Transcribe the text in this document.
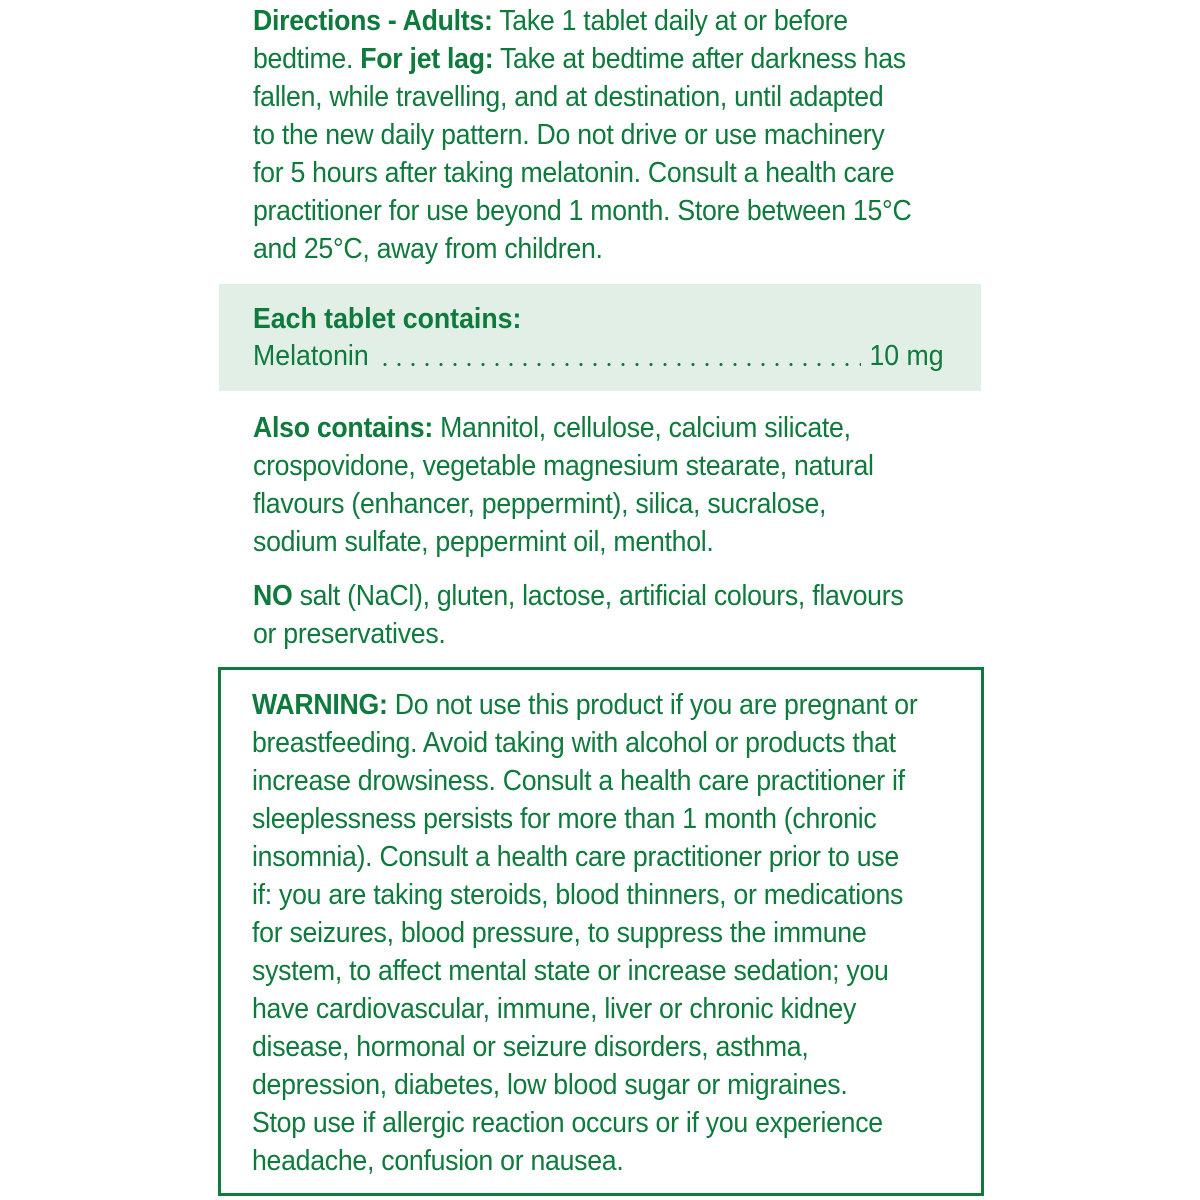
Directions - Adults: Take 1 tablet daily at or before
bedtime. For jet lag: Take at bedtime after darkness has
fallen, while travelling, and at destination, until adapted
to the new daily pattern. Do not drive or use machinery
for 5 hours after taking melatonin. Consult a health care
practitioner for use beyond 1 month. Store between 15°C
and 25°C, away from children.

Each tablet contains:
Melatonin	10 mg

Also contains: Mannitol, cellulose, calcium silicate,
crospovidone, vegetable magnesium stearate, natural
flavours (enhancer, peppermint), silica, sucralose,
sodium sulfate, peppermint oil, menthol.

NO salt (NaCl), gluten, lactose, artificial colours, flavours
or preservatives.

WARNING: Do not use this product if you are pregnant or
breastfeeding. Avoid taking with alcohol or products that
increase drowsiness. Consult a health care practitioner if
sleeplessness persists for more than 1 month (chronic
insomnia). Consult a health care practitioner prior to use
if: you are taking steroids, blood thinners, or medications
for seizures, blood pressure, to suppress the immune
system, to affect mental state or increase sedation; you
have cardiovascular, immune, liver or chronic kidney
disease, hormonal or seizure disorders, asthma,
depression, diabetes, low blood sugar or migraines.
Stop use if allergic reaction occurs or if you experience
headache, confusion or nausea.
